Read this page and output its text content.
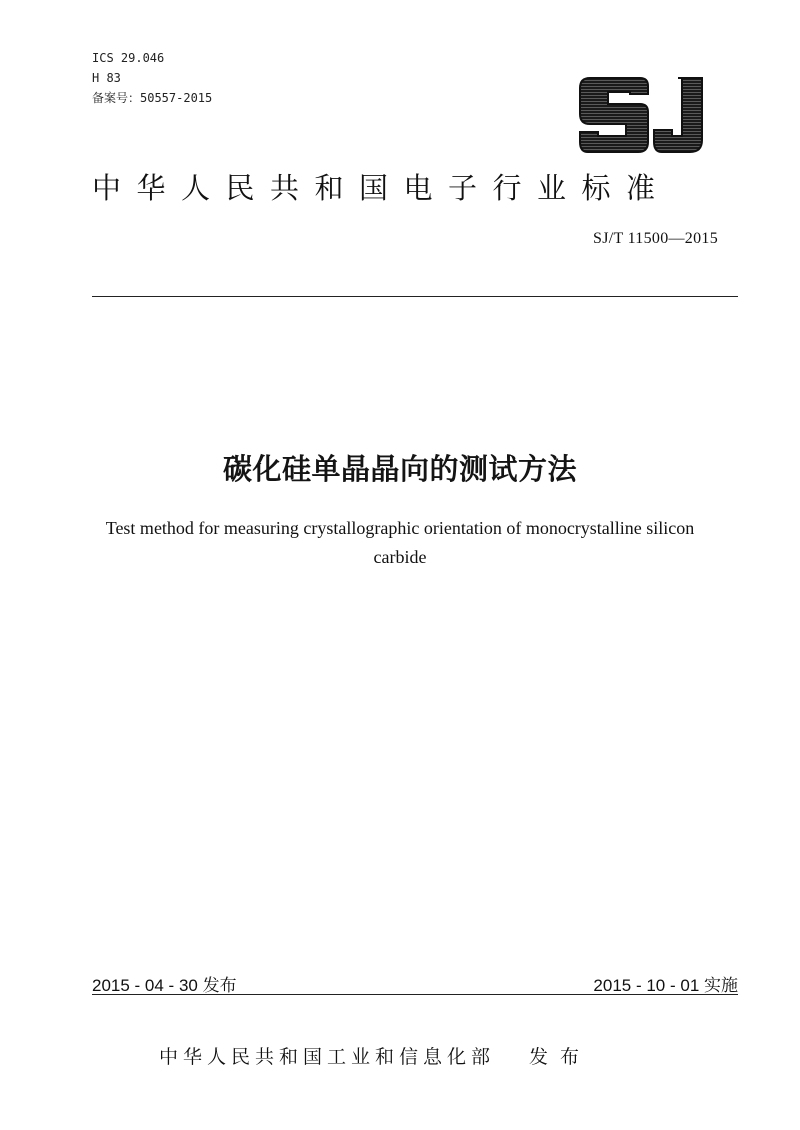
ICS 29.046
H 83
备案号：50557-2015
中华人民共和国电子行业标准
SJ/T 11500—2015
碳化硅单晶晶向的测试方法
Test method for measuring crystallographic orientation of monocrystalline silicon
carbide
2015 - 04 - 30 发布	2015 - 10 - 01 实施
中华人民共和国工业和信息化部 发布
